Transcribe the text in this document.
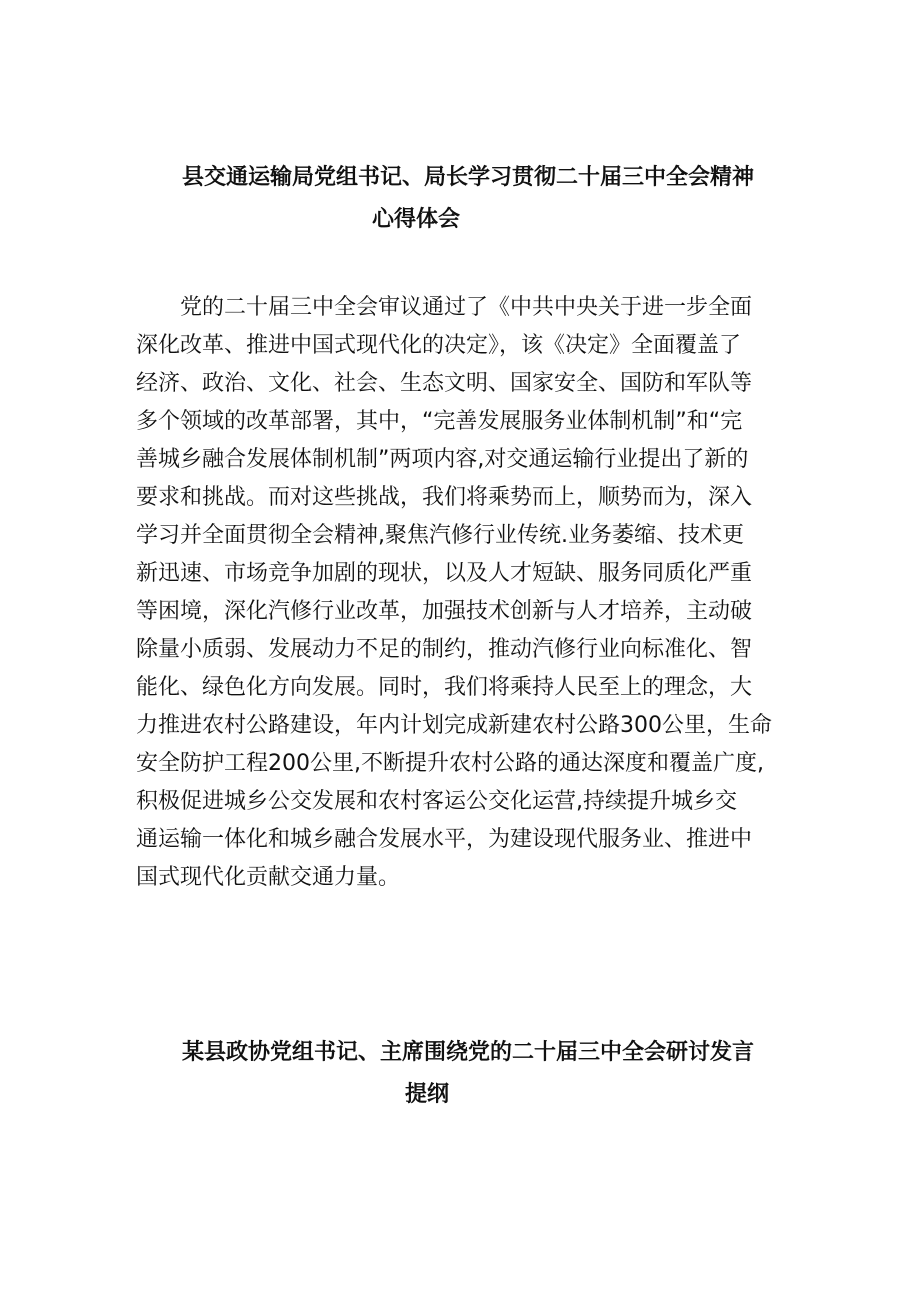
县交通运输局党组书记、局长学习贯彻二十届三中全会精神
心得体会
党的二十届三中全会审议通过了《中共中央关于进一步全面
深化改革、推进中国式现代化的决定》，该《决定》全面覆盖了
经济、政治、文化、社会、生态文明、国家安全、国防和军队等
多个领域的改革部署，其中，“完善发展服务业体制机制”和“完
善城乡融合发展体制机制”两项内容,对交通运输行业提出了新的
要求和挑战。而对这些挑战，我们将乘势而上，顺势而为，深入
学习并全面贯彻全会精神,聚焦汽修行业传统.业务萎缩、技术更
新迅速、市场竞争加剧的现状，以及人才短缺、服务同质化严重
等困境，深化汽修行业改革，加强技术创新与人才培养，主动破
除量小质弱、发展动力不足的制约，推动汽修行业向标准化、智
能化、绿色化方向发展。同时，我们将乘持人民至上的理念，大
力推进农村公路建设，年内计划完成新建农村公路300公里，生命
安全防护工程200公里,不断提升农村公路的通达深度和覆盖广度,
积极促进城乡公交发展和农村客运公交化运营,持续提升城乡交
通运输一体化和城乡融合发展水平，为建设现代服务业、推进中
国式现代化贡献交通力量。
某县政协党组书记、主席围绕党的二十届三中全会研讨发言
提纲
